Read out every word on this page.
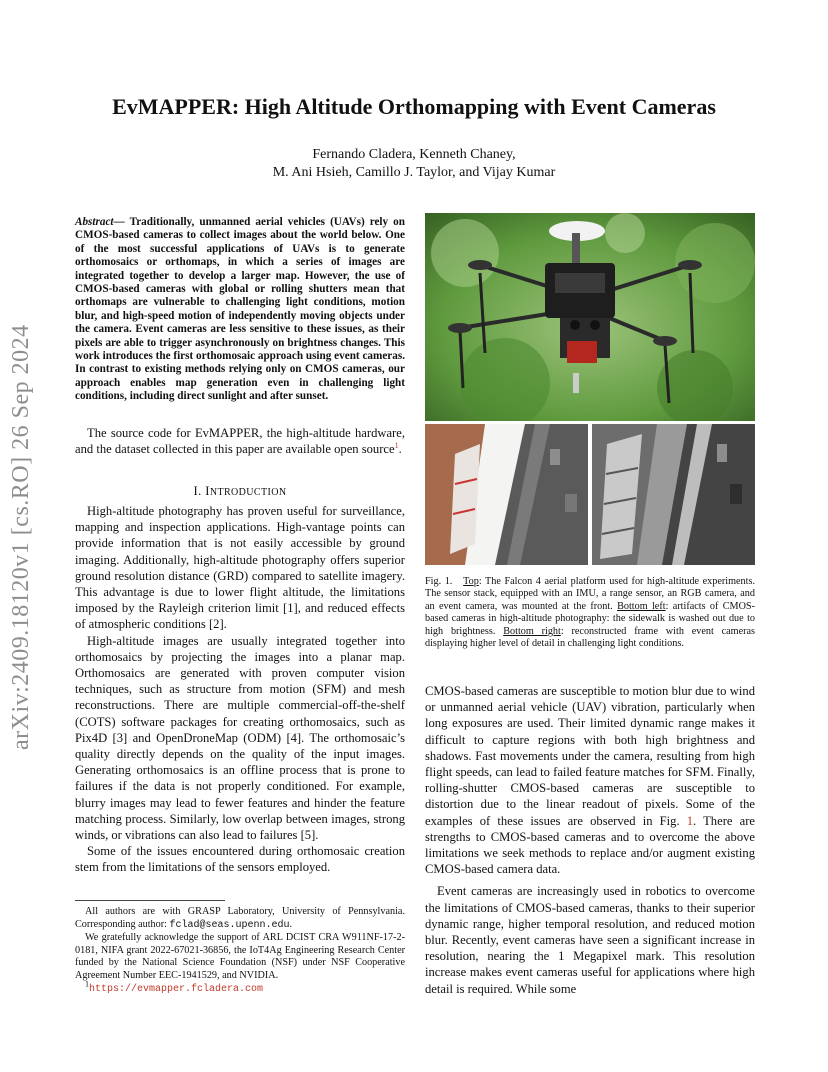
arXiv:2409.18120v1 [cs.RO] 26 Sep 2024
EvMAPPER: High Altitude Orthomapping with Event Cameras
Fernando Cladera, Kenneth Chaney,
M. Ani Hsieh, Camillo J. Taylor, and Vijay Kumar
Abstract— Traditionally, unmanned aerial vehicles (UAVs) rely on CMOS-based cameras to collect images about the world below. One of the most successful applications of UAVs is to generate orthomosaics or orthomaps, in which a series of images are integrated together to develop a larger map. However, the use of CMOS-based cameras with global or rolling shutters mean that orthomaps are vulnerable to challenging light conditions, motion blur, and high-speed motion of independently moving objects under the camera. Event cameras are less sensitive to these issues, as their pixels are able to trigger asynchronously on brightness changes. This work introduces the first orthomosaic approach using event cameras. In contrast to existing methods relying only on CMOS cameras, our approach enables map generation even in challenging light conditions, including direct sunlight and after sunset.

The source code for EvMAPPER, the high-altitude hardware, and the dataset collected in this paper are available open source$^1$.

I. INTRODUCTION

High-altitude photography has proven useful for surveillance, mapping and inspection applications. High-vantage points can provide information that is not easily accessible by ground imaging. Additionally, high-altitude photography offers superior ground resolution distance (GRD) compared to satellite imagery. This advantage is due to lower flight altitude, the limitations imposed by the Rayleigh criterion limit [1], and reduced effects of atmospheric conditions [2].

High-altitude images are usually integrated together into orthomosaics by projecting the images into a planar map. Orthomosaics are generated with proven computer vision techniques, such as structure from motion (SFM) and mesh reconstructions. There are multiple commercial-off-the-shelf (COTS) software packages for creating orthomosaics, such as Pix4D [3] and OpenDroneMap (ODM) [4]. The orthomosaic’s quality directly depends on the quality of the input images. Generating orthomosaics is an offline process that is prone to failures if the data is not properly conditioned. For example, blurry images may lead to fewer features and hinder the feature matching process. Similarly, low overlap between images, strong winds, or vibrations can also lead to failures [5].

Some of the issues encountered during orthomosaic creation stem from the limitations of the sensors employed.

All authors are with GRASP Laboratory, University of Pennsylvania. Corresponding author: fclad@seas.upenn.edu.

We gratefully acknowledge the support of ARL DCIST CRA W911NF-17-2-0181, NIFA grant 2022-67021-36856, the IoT4Ag Engineering Research Center funded by the National Science Foundation (NSF) under NSF Cooperative Agreement Number EEC-1941529, and NVIDIA.

$^1$https://evmapper.fcladera.com

Fig. 1. Top: The Falcon 4 aerial platform used for high-altitude experiments. The sensor stack, equipped with an IMU, a range sensor, an RGB camera, and an event camera, was mounted at the front. Bottom left: artifacts of CMOS-based cameras in high-altitude photography: the sidewalk is washed out due to high brightness. Bottom right: reconstructed frame with event cameras displaying higher level of detail in challenging light conditions.

CMOS-based cameras are susceptible to motion blur due to wind or unmanned aerial vehicle (UAV) vibration, particularly when long exposures are used. Their limited dynamic range makes it difficult to capture regions with both high brightness and shadows. Fast movements under the camera, resulting from high flight speeds, can lead to failed feature matches for SFM. Finally, rolling-shutter CMOS-based cameras are susceptible to distortion due to the linear readout of pixels. Some of the examples of these issues are observed in Fig. 1. There are strengths to CMOS-based cameras and to overcome the above limitations we seek methods to replace and/or augment existing CMOS-based camera data.

Event cameras are increasingly used in robotics to overcome the limitations of CMOS-based cameras, thanks to their superior dynamic range, higher temporal resolution, and reduced motion blur. Recently, event cameras have seen a significant increase in resolution, nearing the 1 Megapixel mark. This resolution increase makes event cameras useful for applications where high detail is required. While some
